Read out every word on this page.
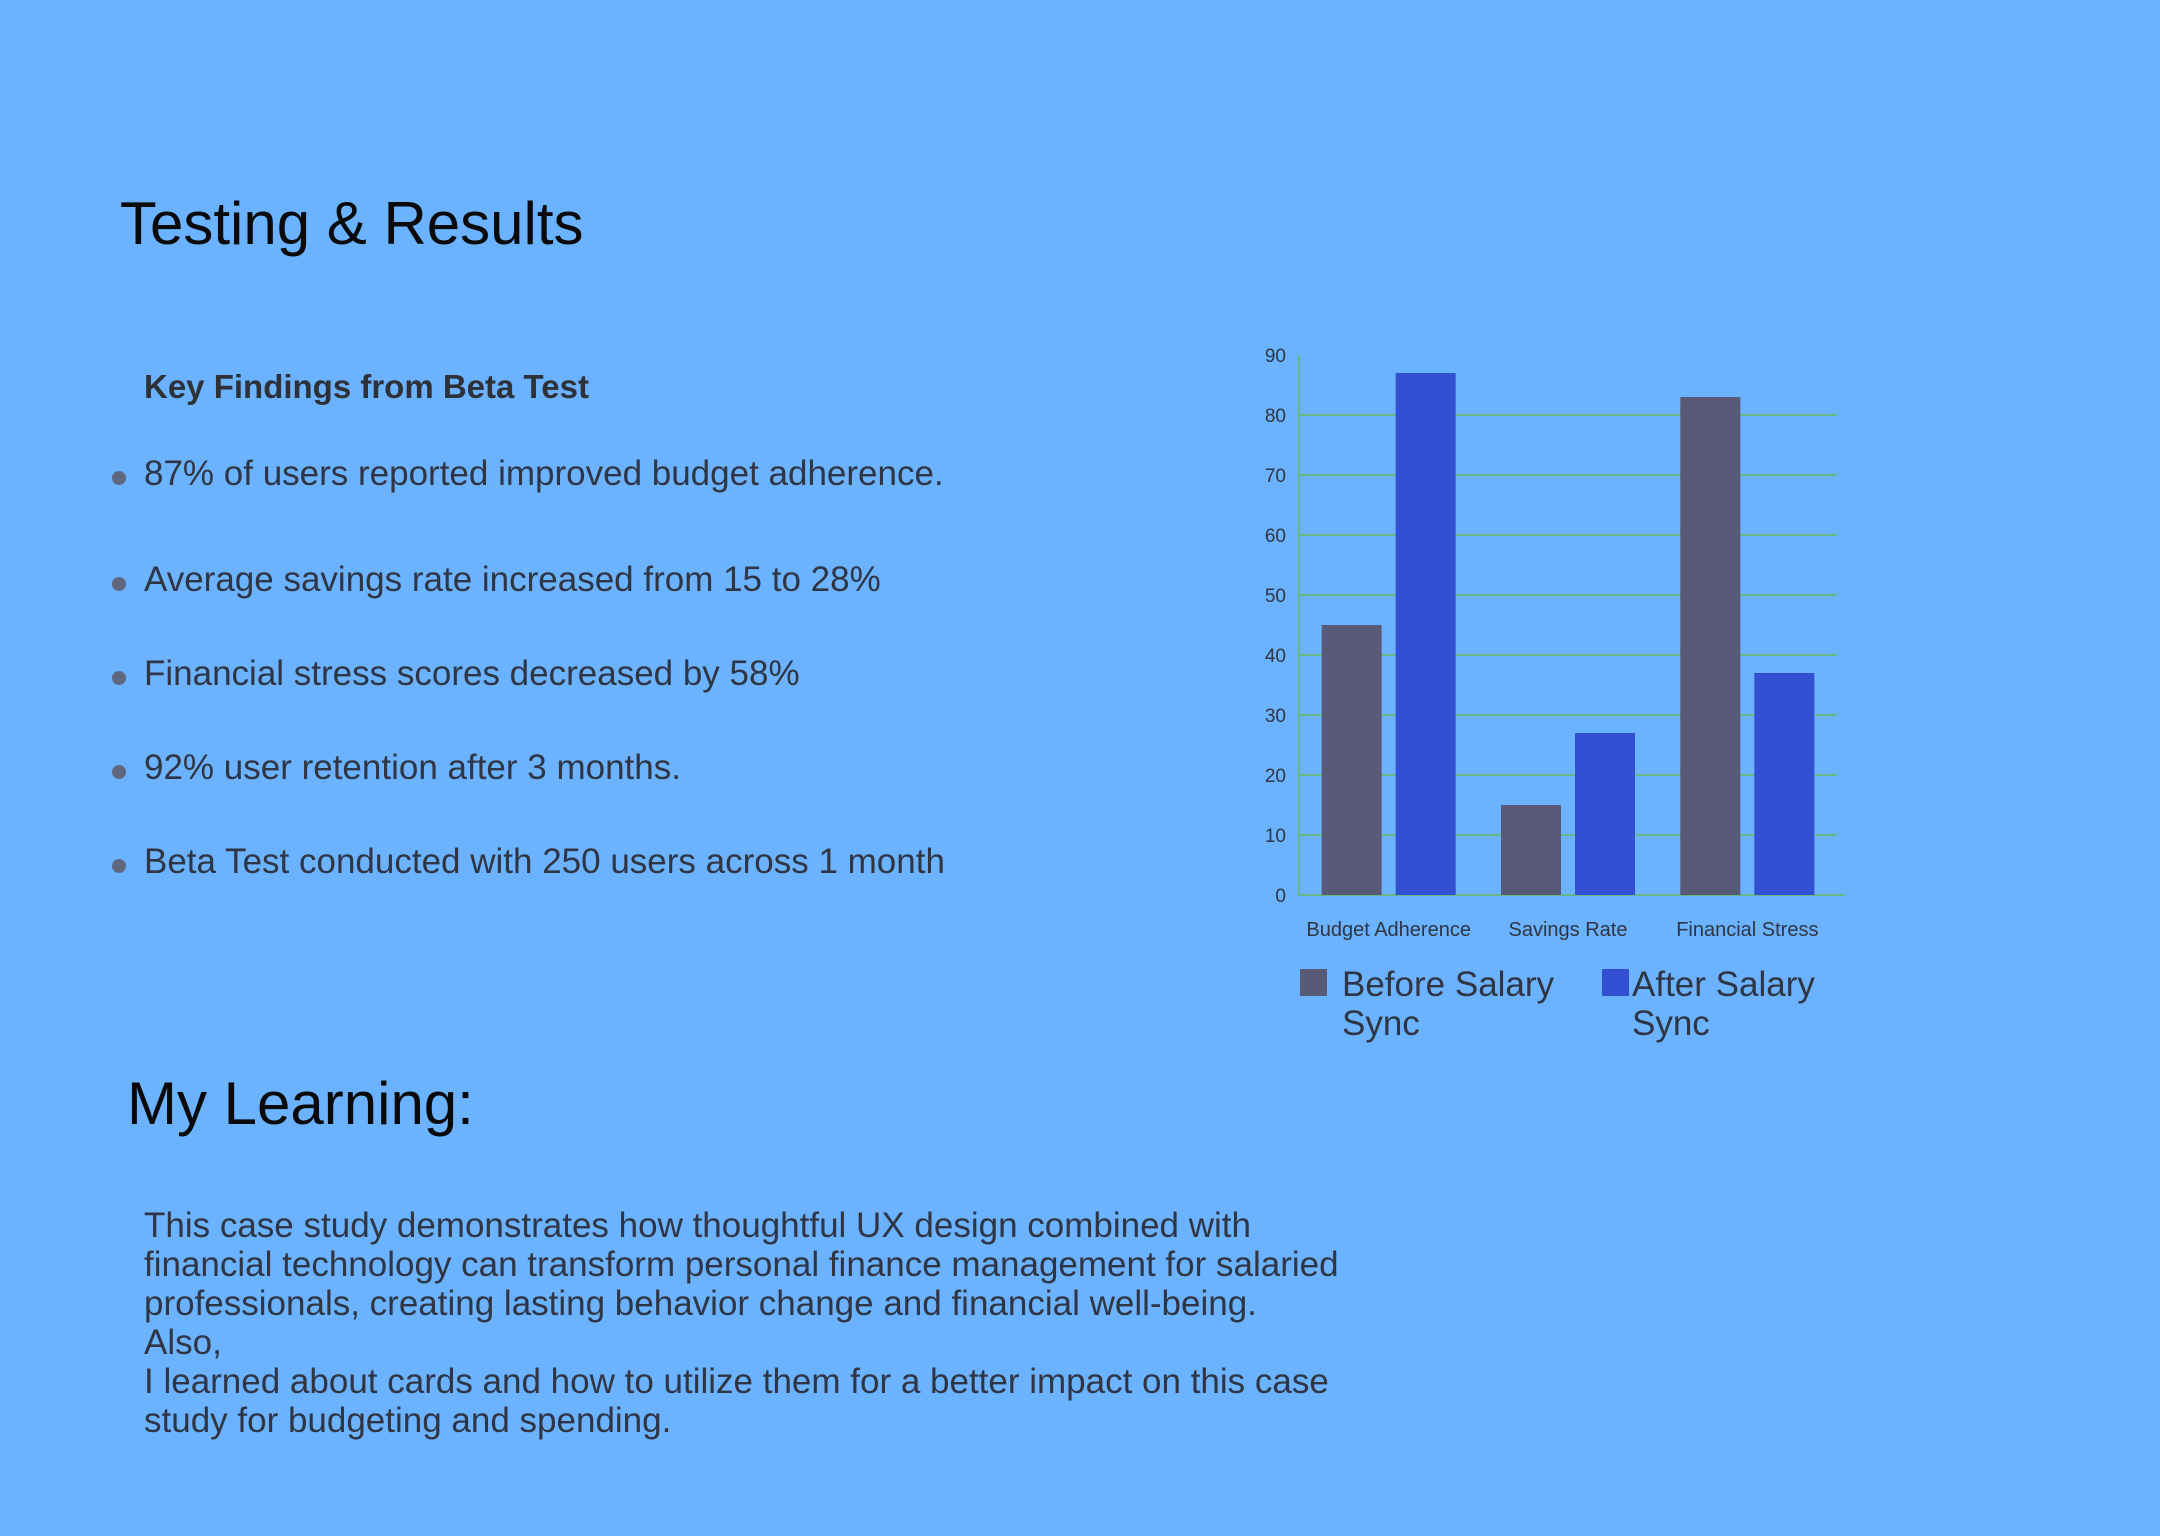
Testing & Results
Key Findings from Beta Test
87% of users reported improved budget adherence.
Average savings rate increased from 15 to 28%
Financial stress scores decreased by 58%
92% user retention after 3 months.
Beta Test conducted with 250 users across 1 month
0
10
20
30
40
50
60
70
80
90
Budget Adherence Savings Rate Financial Stress
Before Salary Sync
After Salary Sync
My Learning:

This case study demonstrates how thoughtful UX design combined with
financial technology can transform personal finance management for salaried
professionals, creating lasting behavior change and financial well-being.
Also,
I learned about cards and how to utilize them for a better impact on this case
study for budgeting and spending.
